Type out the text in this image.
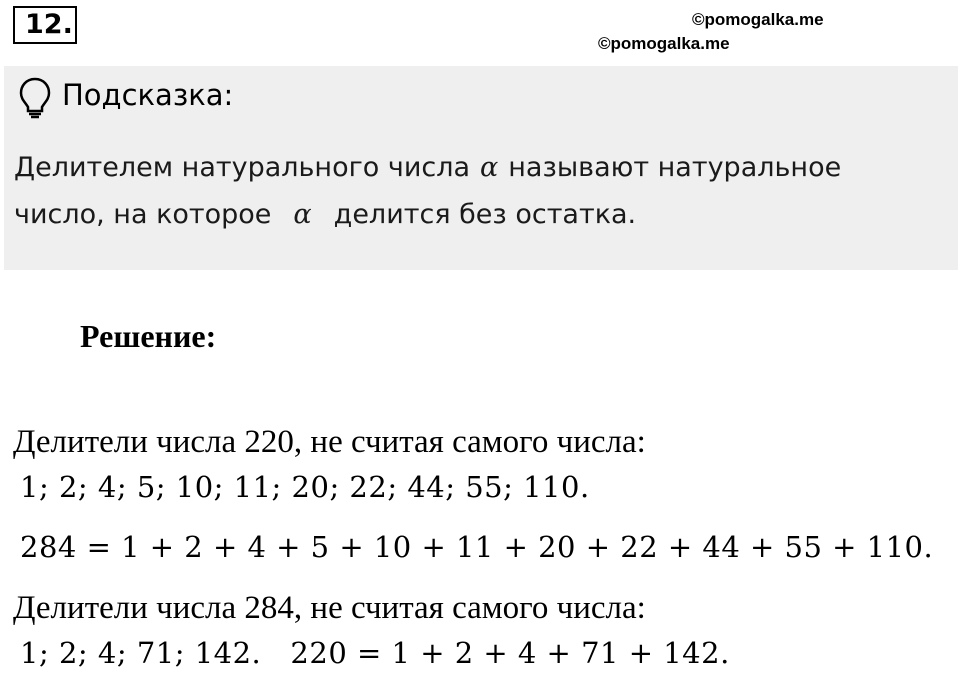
12.	©pomogalka.me
©pomogalka.me
Подсказка:
Делителем натурального числа α называют натуральное
число, на которое α делится без остатка.
Решение:
Делители числа 220, не считая самого числа:
1; 2; 4; 5; 10; 11; 20; 22; 44; 55; 110.
284 = 1 + 2 + 4 + 5 + 10 + 11 + 20 + 22 + 44 + 55 + 110.
Делители числа 284, не считая самого числа:
1; 2; 4; 71; 142.   220 = 1 + 2 + 4 + 71 + 142.
